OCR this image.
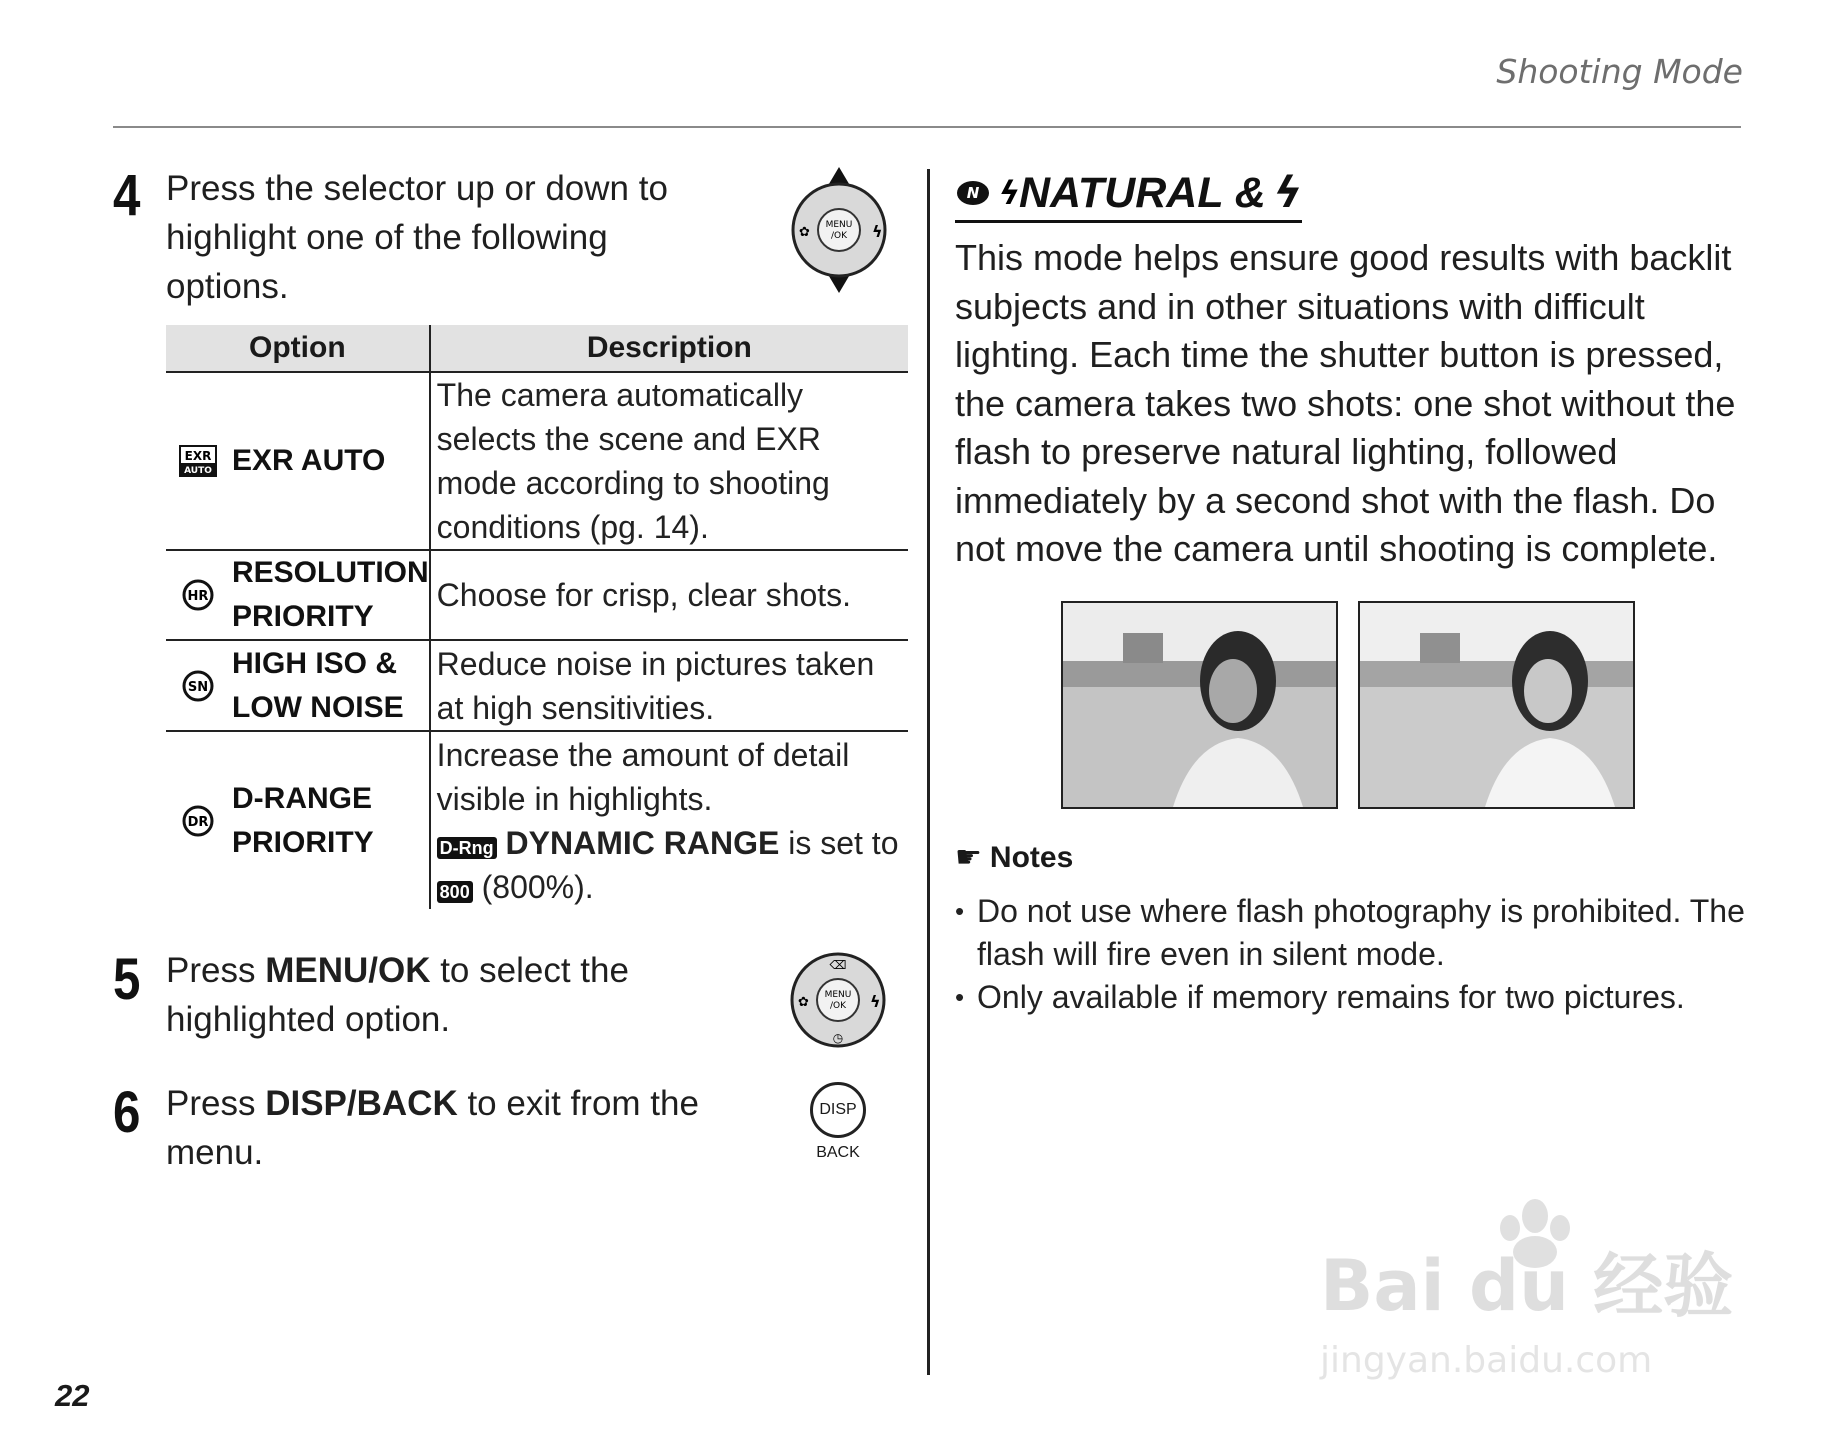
Shooting Mode
4 Press the selector up or down to highlight one of the following options.
MENU
/OK
✿	ϟ
Option	Description

EXR
AUTO EXR AUTO	The camera automatically selects the scene and EXR mode according to shooting conditions (pg. 14).

HR
RESOLUTION PRIORITY	Choose for crisp, clear shots.

SN
HIGH ISO & LOW NOISE	Reduce noise in pictures taken at high sensitivities.

DR
D-RANGE PRIORITY	Increase the amount of detail visible in highlights.
D-Rng DYNAMIC RANGE is set to
800 (800%).
5 Press MENU/OK to select the highlighted option.
MENU
/OK
⌫
◷
✿	ϟ
6 Press DISP/BACK to exit from the menu.
DISP
BACK
N ϟ
NATURAL & ϟ
This mode helps ensure good results with backlit subjects and in other situations with difficult lighting. Each time the shutter button is pressed, the camera takes two shots: one shot without the flash to preserve natural lighting, followed immediately by a second shot with the flash. Do not move the camera until shooting is complete.
☛ Notes
• Do not use where flash photography is prohibited. The flash will fire even in silent mode.
• Only available if memory remains for two pictures.
22
Bai du 经验
jingyan.baidu.com
